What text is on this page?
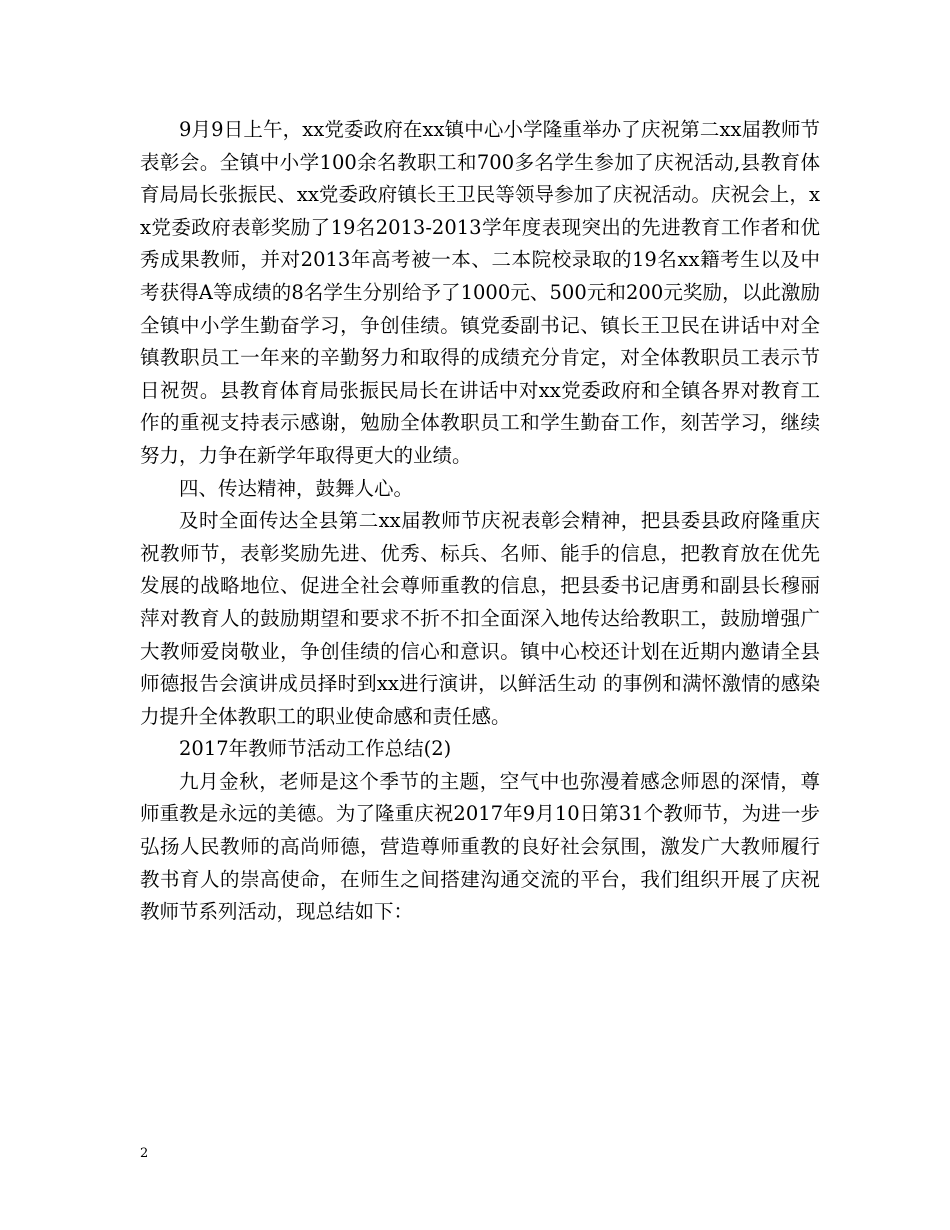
9月9日上午，xx党委政府在xx镇中心小学隆重举办了庆祝第二xx届教师节表彰会。全镇中小学100余名教职工和700多名学生参加了庆祝活动,县教育体育局局长张振民、xx党委政府镇长王卫民等领导参加了庆祝活动。庆祝会上，xx党委政府表彰奖励了19名2013-2013学年度表现突出的先进教育工作者和优秀成果教师，并对2013年高考被一本、二本院校录取的19名xx籍考生以及中考获得A等成绩的8名学生分别给予了1000元、500元和200元奖励，以此激励全镇中小学生勤奋学习，争创佳绩。镇党委副书记、镇长王卫民在讲话中对全镇教职员工一年来的辛勤努力和取得的成绩充分肯定，对全体教职员工表示节日祝贺。县教育体育局张振民局长在讲话中对xx党委政府和全镇各界对教育工作的重视支持表示感谢，勉励全体教职员工和学生勤奋工作，刻苦学习，继续努力，力争在新学年取得更大的业绩。

四、传达精神，鼓舞人心。

及时全面传达全县第二xx届教师节庆祝表彰会精神，把县委县政府隆重庆祝教师节，表彰奖励先进、优秀、标兵、名师、能手的信息，把教育放在优先发展的战略地位、促进全社会尊师重教的信息，把县委书记唐勇和副县长穆丽萍对教育人的鼓励期望和要求不折不扣全面深入地传达给教职工，鼓励增强广大教师爱岗敬业，争创佳绩的信心和意识。镇中心校还计划在近期内邀请全县师德报告会演讲成员择时到xx进行演讲，以鲜活生动 的事例和满怀激情的感染力提升全体教职工的职业使命感和责任感。

2017年教师节活动工作总结(2)

九月金秋，老师是这个季节的主题，空气中也弥漫着感念师恩的深情，尊师重教是永远的美德。为了隆重庆祝2017年9月10日第31个教师节，为进一步弘扬人民教师的高尚师德，营造尊师重教的良好社会氛围，激发广大教师履行教书育人的崇高使命，在师生之间搭建沟通交流的平台，我们组织开展了庆祝教师节系列活动，现总结如下：

2
